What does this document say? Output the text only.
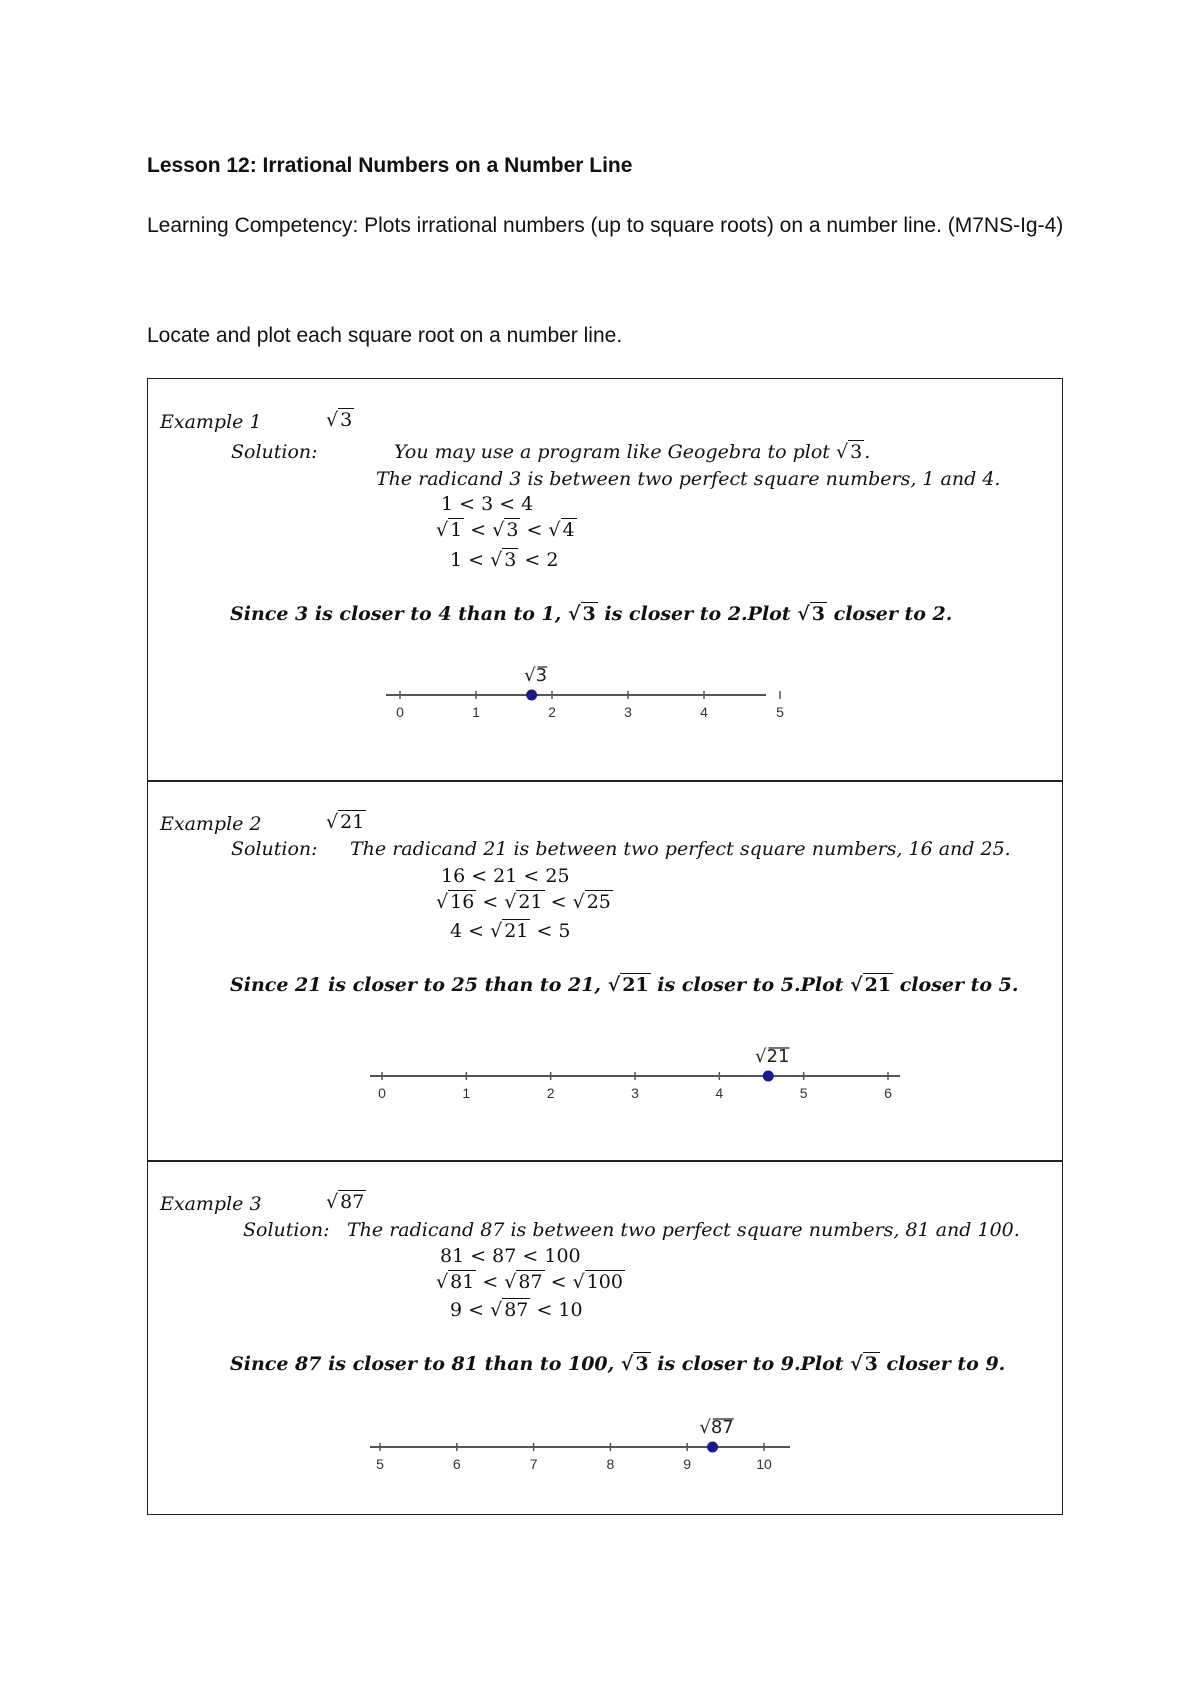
Lesson 12: Irrational Numbers on a Number Line
Learning Competency: Plots irrational numbers (up to square roots) on a number line. (M7NS-Ig-4)
Locate and plot each square root on a number line.
Example 1	√ 3
Solution:	You may use a program like Geogebra to plot √ 3 .
The radicand 3 is between two perfect square numbers, 1 and 4.
1 < 3 < 4
√ 1 < √ 3 < √ 4
1 < √ 3 < 2
Since 3 is closer to 4 than to 1, √ 3 is closer to 2.Plot √ 3 closer to 2.
0	1	2	3	4	5
√3
Example 2	√ 21
Solution: The radicand 21 is between two perfect square numbers, 16 and 25.
16 < 21 < 25
√ 16 < √ 21 < √ 25
4 < √ 21 < 5
Since 21 is closer to 25 than to 21, √ 21 is closer to 5.Plot √ 21 closer to 5.
0	1	2	3	4	5	6
√21
Example 3	√ 87
Solution: The radicand 87 is between two perfect square numbers, 81 and 100.
81 < 87 < 100
√ 81 < √ 87 < √ 100
9 < √ 87 < 10
Since 87 is closer to 81 than to 100, √ 3 is closer to 9.Plot √ 3 closer to 9.
5	6	7	8	9	10
√87
